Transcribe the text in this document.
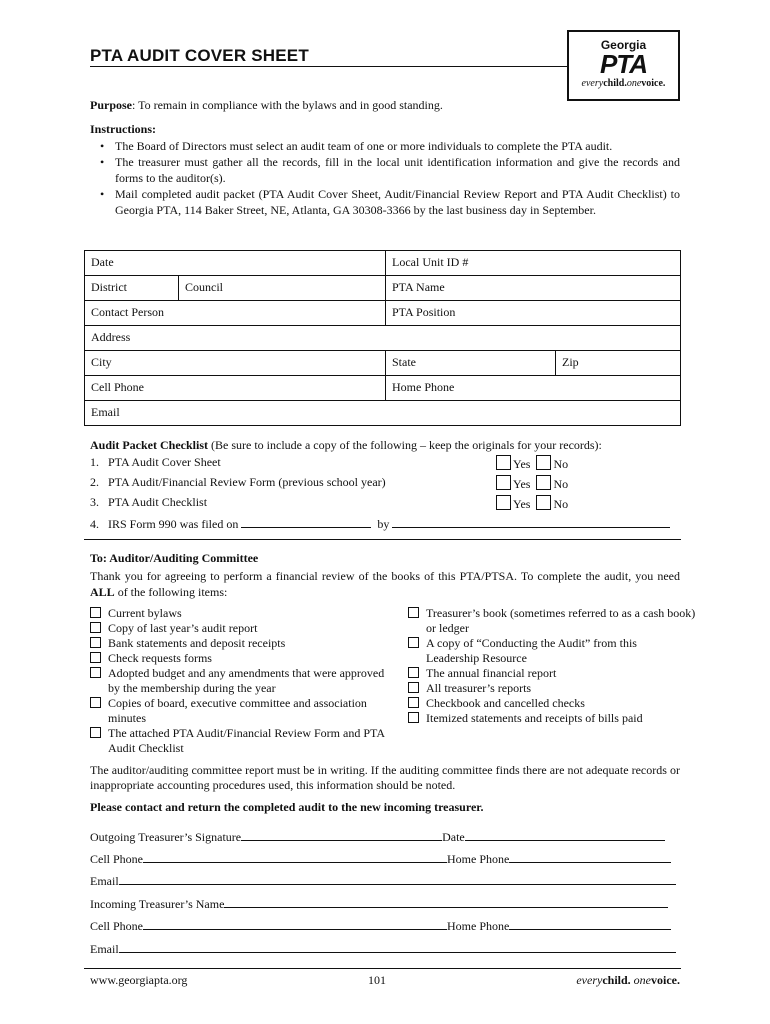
PTA AUDIT COVER SHEET
Georgia
PTA
everychild.onevoice.
Purpose: To remain in compliance with the bylaws and in good standing.
Instructions:
• The Board of Directors must select an audit team of one or more individuals to complete the PTA audit.
• The treasurer must gather all the records, fill in the local unit identification information and give the records and forms to the auditor(s).
• Mail completed audit packet (PTA Audit Cover Sheet, Audit/Financial Review Report and PTA Audit Checklist) to Georgia PTA, 114 Baker Street, NE, Atlanta, GA 30308-3366 by the last business day in September.
Date		Local Unit ID #	
District	Council	PTA Name	
Contact Person		PTA Position	
Address			
City		State	Zip
Cell Phone		Home Phone	
Email			
Audit Packet Checklist (Be sure to include a copy of the following – keep the originals for your records):
1. PTA Audit Cover Sheet	Yes No
2. PTA Audit/Financial Review Form (previous school year)	Yes No
3. PTA Audit Checklist	Yes No
4. IRS Form 990 was filed on	by
To: Auditor/Auditing Committee
Thank you for agreeing to perform a financial review of the books of this PTA/PTSA. To complete the audit, you need ALL of the following items:
Current bylaws
Copy of last year’s audit report
Bank statements and deposit receipts
Check requests forms
Adopted budget and any amendments that were approved by the membership during the year
Copies of board, executive committee and association minutes
The attached PTA Audit/Financial Review Form and PTA Audit Checklist
Treasurer’s book (sometimes referred to as a cash book) or ledger
A copy of “Conducting the Audit” from this Leadership Resource
The annual financial report
All treasurer’s reports
Checkbook and cancelled checks
Itemized statements and receipts of bills paid
The auditor/auditing committee report must be in writing. If the auditing committee finds there are not adequate records or inappropriate accounting procedures used, this information should be noted.
Please contact and return the completed audit to the new incoming treasurer.
Outgoing Treasurer’s Signature	Date
Cell Phone	Home Phone
Email
Incoming Treasurer’s Name
Cell Phone	Home Phone
Email
www.georgiapta.org	101	everychild. onevoice.
